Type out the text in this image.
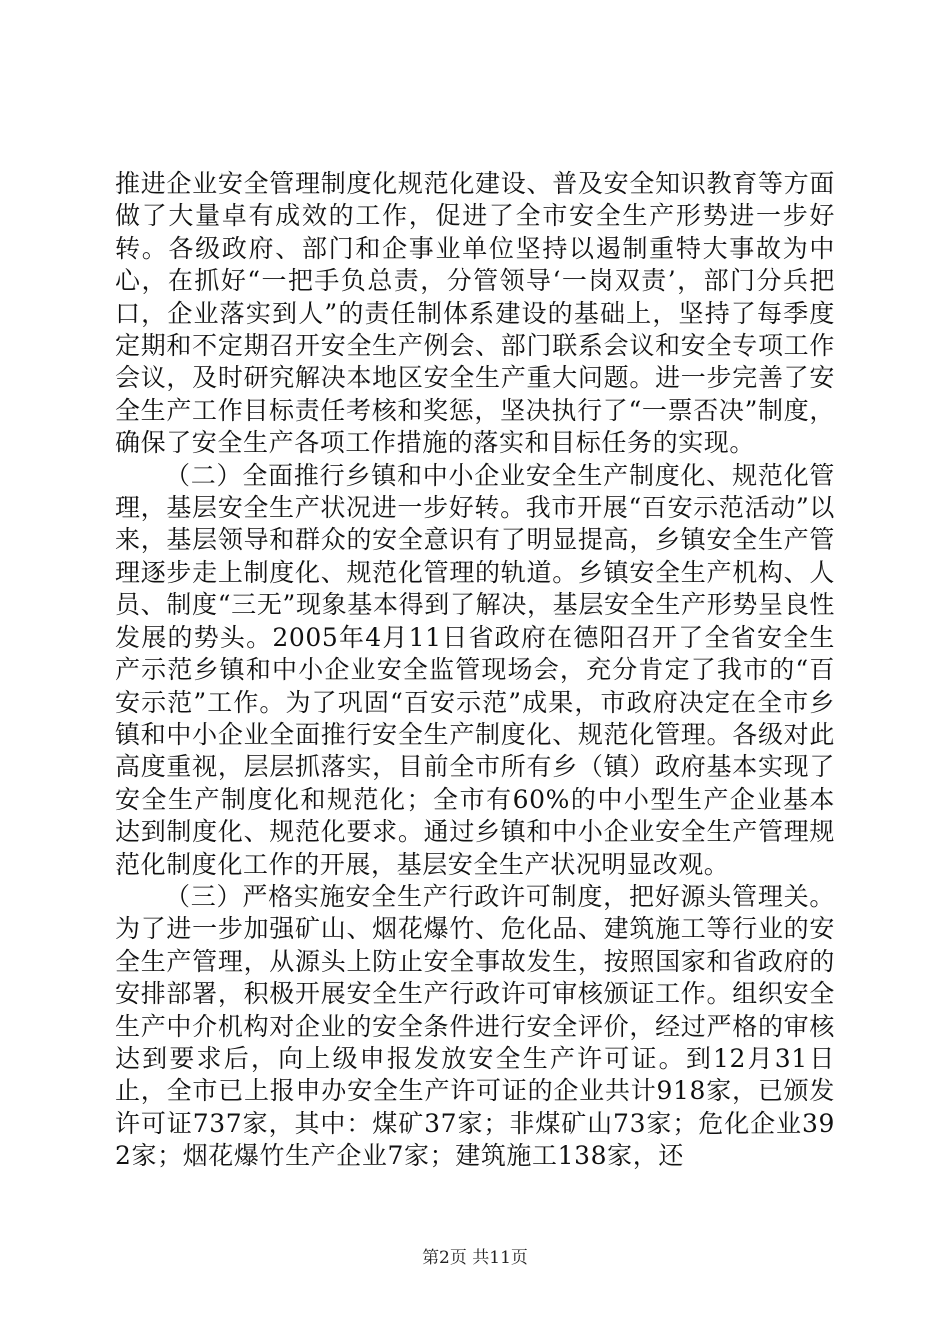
推进企业安全管理制度化规范化建设、普及安全知识教育等方面做了大量卓有成效的工作，促进了全市安全生产形势进一步好转。各级政府、部门和企事业单位坚持以遏制重特大事故为中心，在抓好“一把手负总责，分管领导‘一岗双责’，部门分兵把口，企业落实到人”的责任制体系建设的基础上，坚持了每季度定期和不定期召开安全生产例会、部门联系会议和安全专项工作会议，及时研究解决本地区安全生产重大问题。进一步完善了安全生产工作目标责任考核和奖惩，坚决执行了“一票否决”制度，确保了安全生产各项工作措施的落实和目标任务的实现。

（二）全面推行乡镇和中小企业安全生产制度化、规范化管理，基层安全生产状况进一步好转。我市开展“百安示范活动”以来，基层领导和群众的安全意识有了明显提高，乡镇安全生产管理逐步走上制度化、规范化管理的轨道。乡镇安全生产机构、人员、制度“三无”现象基本得到了解决，基层安全生产形势呈良性发展的势头。2005年4月11日省政府在德阳召开了全省安全生产示范乡镇和中小企业安全监管现场会，充分肯定了我市的“百安示范”工作。为了巩固“百安示范”成果，市政府决定在全市乡镇和中小企业全面推行安全生产制度化、规范化管理。各级对此高度重视，层层抓落实，目前全市所有乡（镇）政府基本实现了安全生产制度化和规范化；全市有60%的中小型生产企业基本达到制度化、规范化要求。通过乡镇和中小企业安全生产管理规范化制度化工作的开展，基层安全生产状况明显改观。

（三）严格实施安全生产行政许可制度，把好源头管理关。为了进一步加强矿山、烟花爆竹、危化品、建筑施工等行业的安全生产管理，从源头上防止安全事故发生，按照国家和省政府的安排部署，积极开展安全生产行政许可审核颁证工作。组织安全生产中介机构对企业的安全条件进行安全评价，经过严格的审核达到要求后，向上级申报发放安全生产许可证。到12月31日止，全市已上报申办安全生产许可证的企业共计918家，已颁发许可证737家，其中：煤矿37家；非煤矿山73家；危化企业392家；烟花爆竹生产企业7家；建筑施工138家，还

第2页 共11页
